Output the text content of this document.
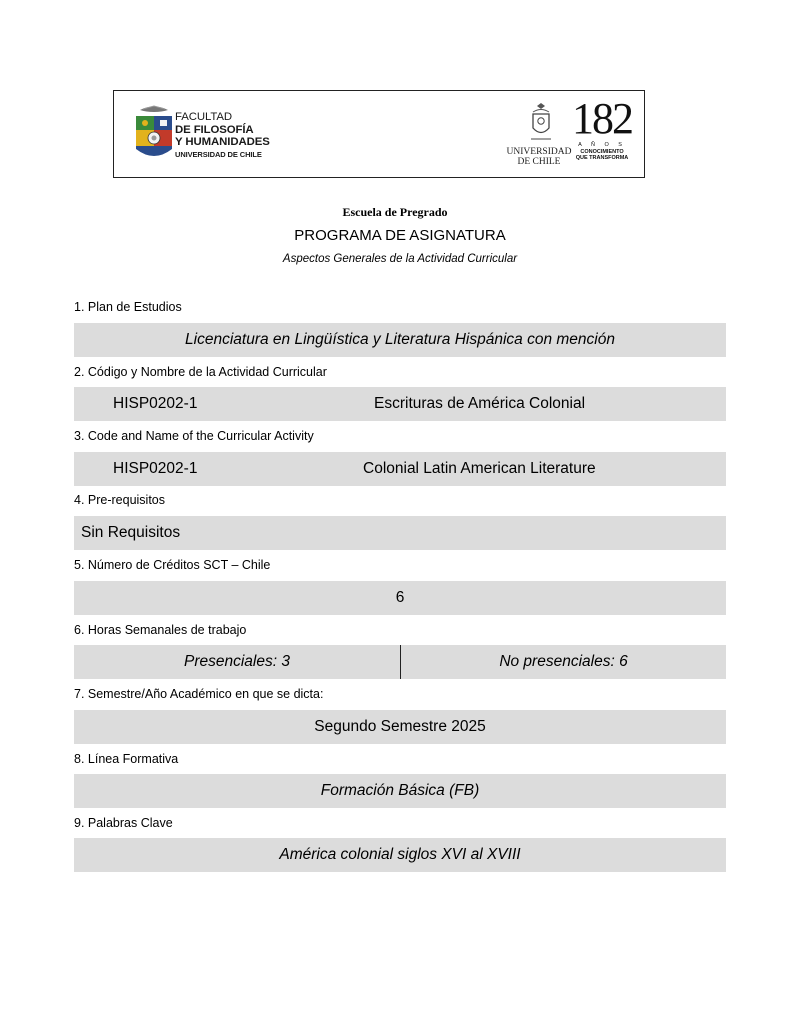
FACULTAD
DE FILOSOFÍA
Y HUMANIDADES
UNIVERSIDAD DE CHILE	UNIVERSIDAD
DE CHILE
182
A Ñ O S
CONOCIMIENTO
QUE TRANSFORMA
Escuela de Pregrado
PROGRAMA DE ASIGNATURA
Aspectos Generales de la Actividad Curricular
1. Plan de Estudios
Licenciatura en Lingüística y Literatura Hispánica con mención
2. Código y Nombre de la Actividad Curricular
HISP0202-1	Escrituras de América Colonial
3. Code and Name of the Curricular Activity
HISP0202-1	Colonial Latin American Literature
4. Pre-requisitos
Sin Requisitos
5. Número de Créditos SCT – Chile
6
6. Horas Semanales de trabajo
Presenciales: 3	No presenciales: 6
7. Semestre/Año Académico en que se dicta:
Segundo Semestre 2025
8. Línea Formativa
Formación Básica (FB)
9. Palabras Clave
América colonial siglos XVI al XVIII
